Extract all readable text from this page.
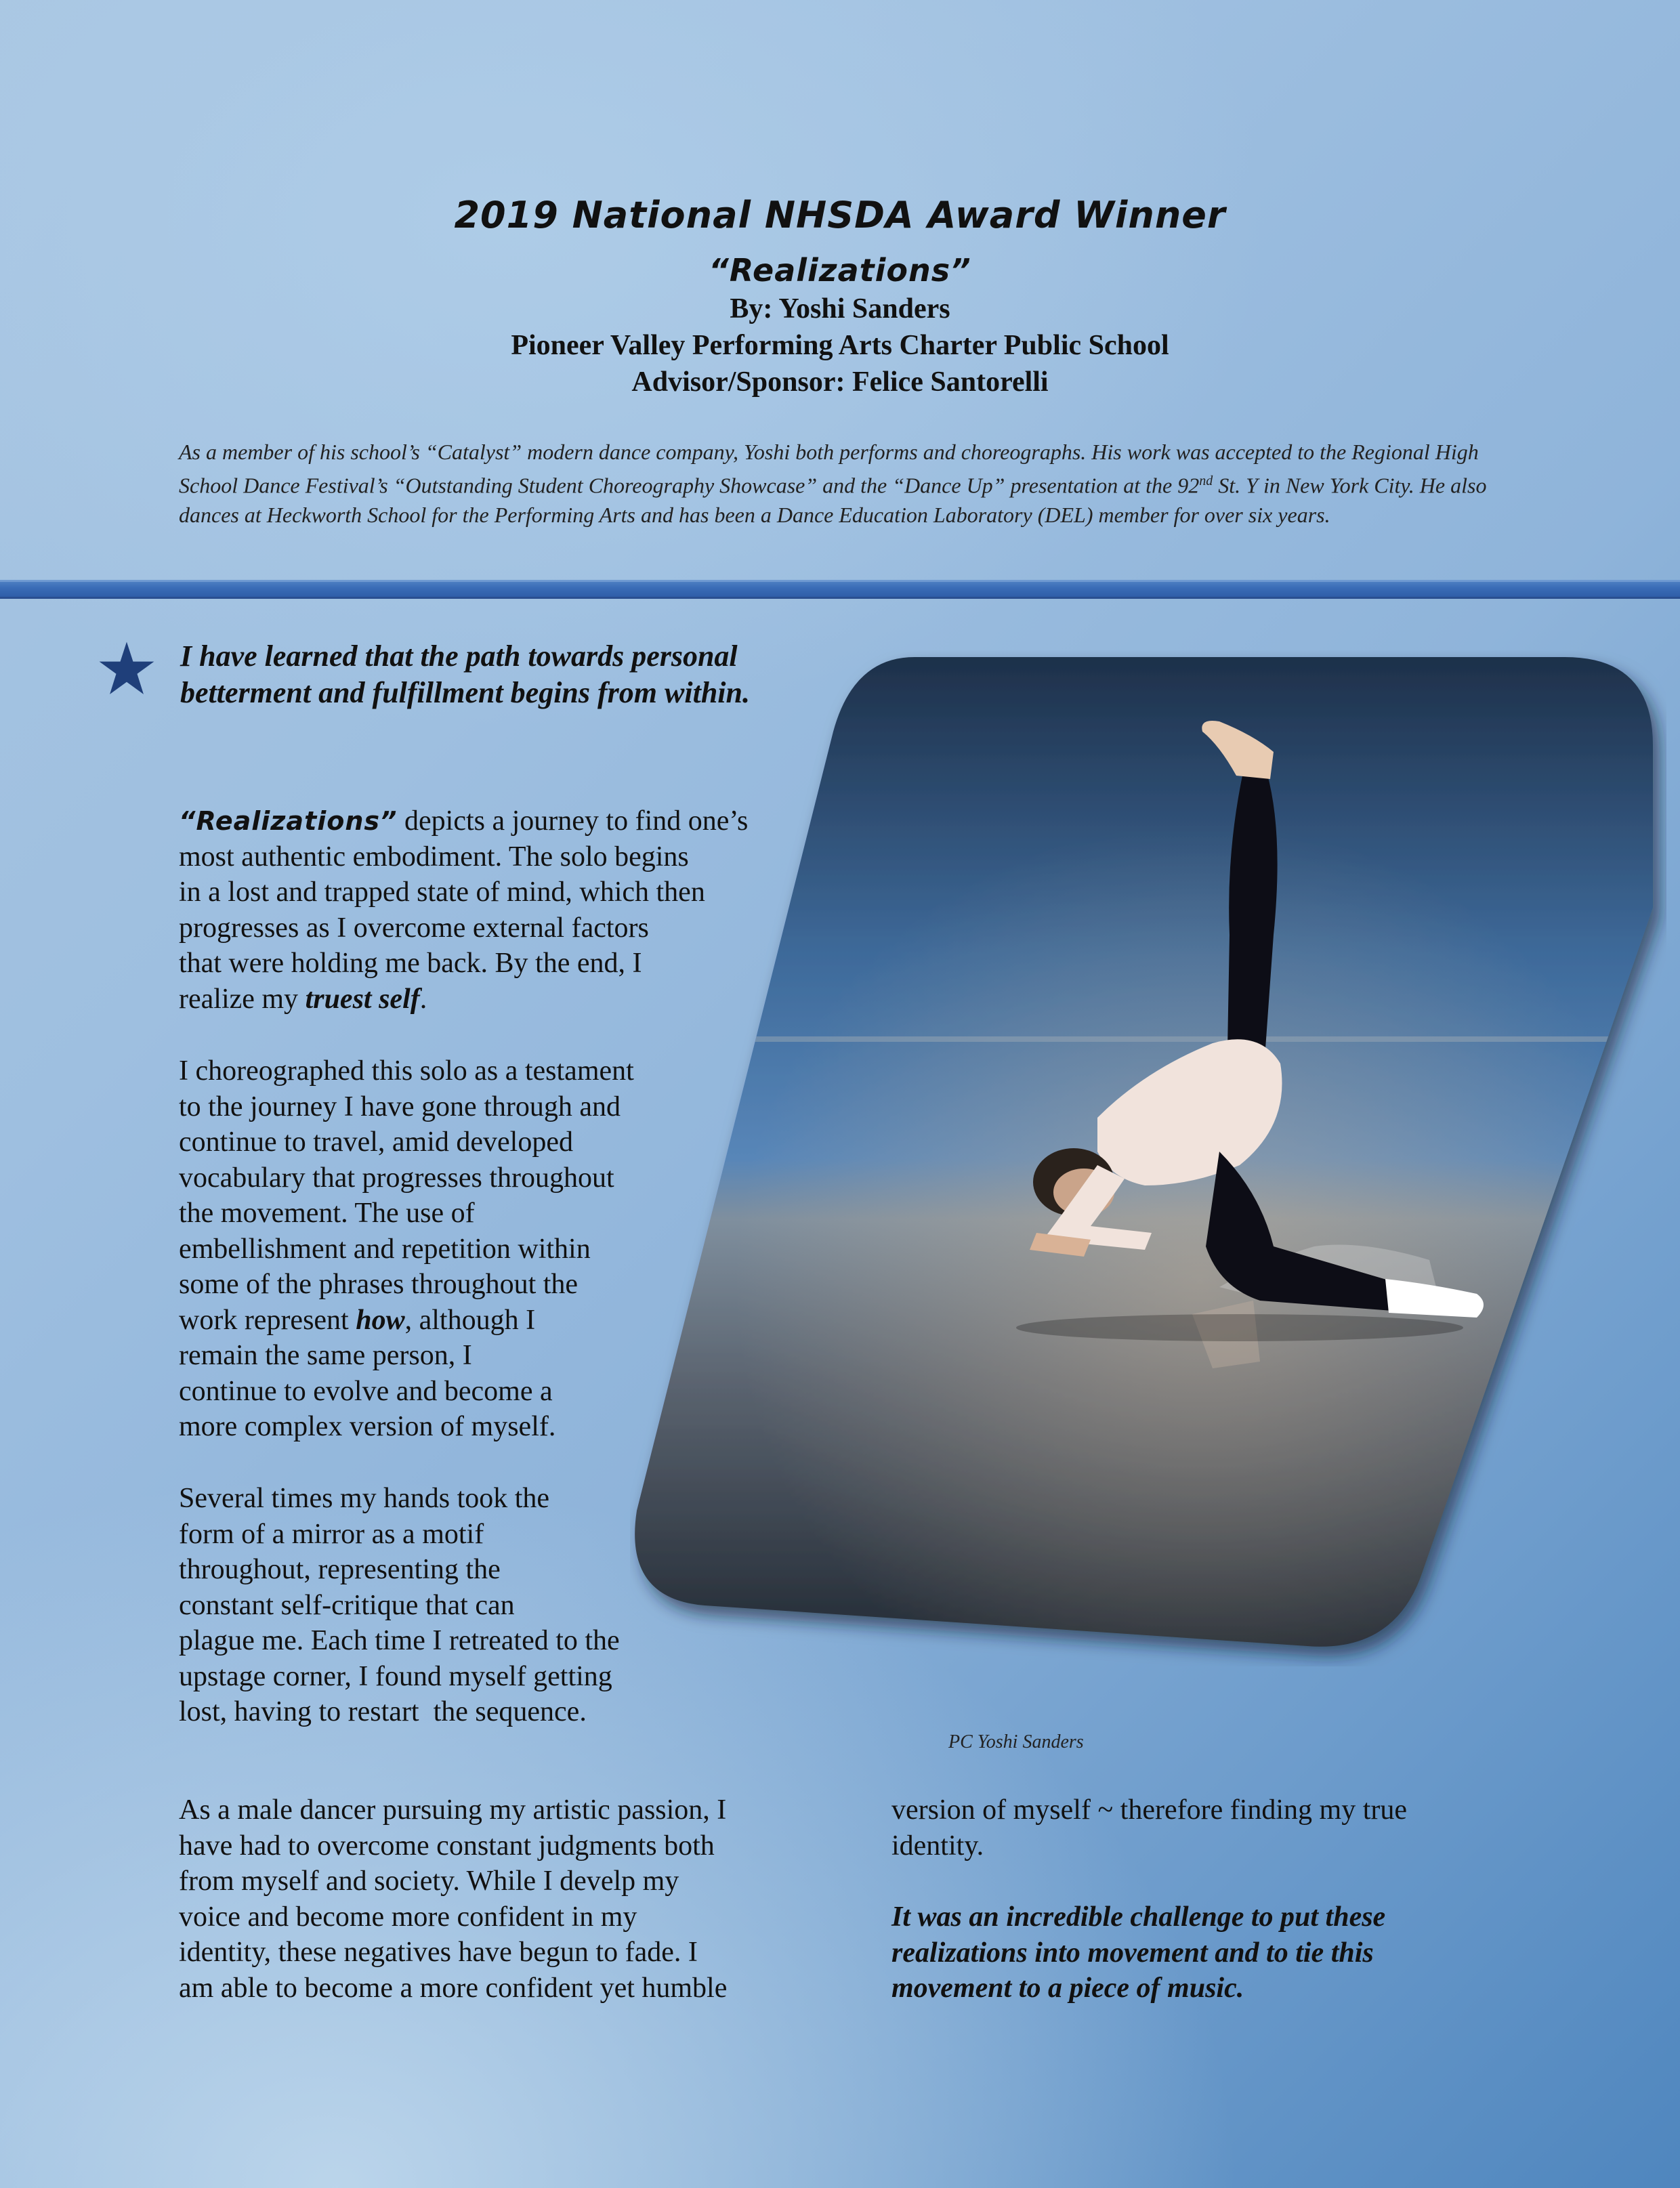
2019 National NHSDA Award Winner
“Realizations”
By: Yoshi Sanders
Pioneer Valley Performing Arts Charter Public School
Advisor/Sponsor: Felice Santorelli
As a member of his school’s “Catalyst” modern dance company, Yoshi both performs and choreographs. His work was accepted to the Regional High School Dance Festival’s “Outstanding Student Choreography Showcase” and the “Dance Up” presentation at the 92nd St. Y in New York City. He also dances at Heckworth School for the Performing Arts and has been a Dance Education Laboratory (DEL) member for over six years.
I have learned that the path towards personal
betterment and fulfillment begins from within.
PC Yoshi Sanders
“Realizations” depicts a journey to find one’s
most authentic embodiment. The solo begins
in a lost and trapped state of mind, which then
progresses as I overcome external factors
that were holding me back. By the end, I
realize my truest self.
I choreographed this solo as a testament
to the journey I have gone through and
continue to travel, amid developed
vocabulary that progresses throughout
the movement. The use of
embellishment and repetition within
some of the phrases throughout the
work represent how, although I
remain the same person, I
continue to evolve and become a
more complex version of myself.
Several times my hands took the
form of a mirror as a motif
throughout, representing the
constant self-critique that can
plague me. Each time I retreated to the
upstage corner, I found myself getting
lost, having to restart  the sequence.
As a male dancer pursuing my artistic passion, I
have had to overcome constant judgments both
from myself and society. While I develp my
voice and become more confident in my
identity, these negatives have begun to fade. I
am able to become a more confident yet humble
version of myself ~ therefore finding my true
identity.
It was an incredible challenge to put these
realizations into movement and to tie this
movement to a piece of music.
